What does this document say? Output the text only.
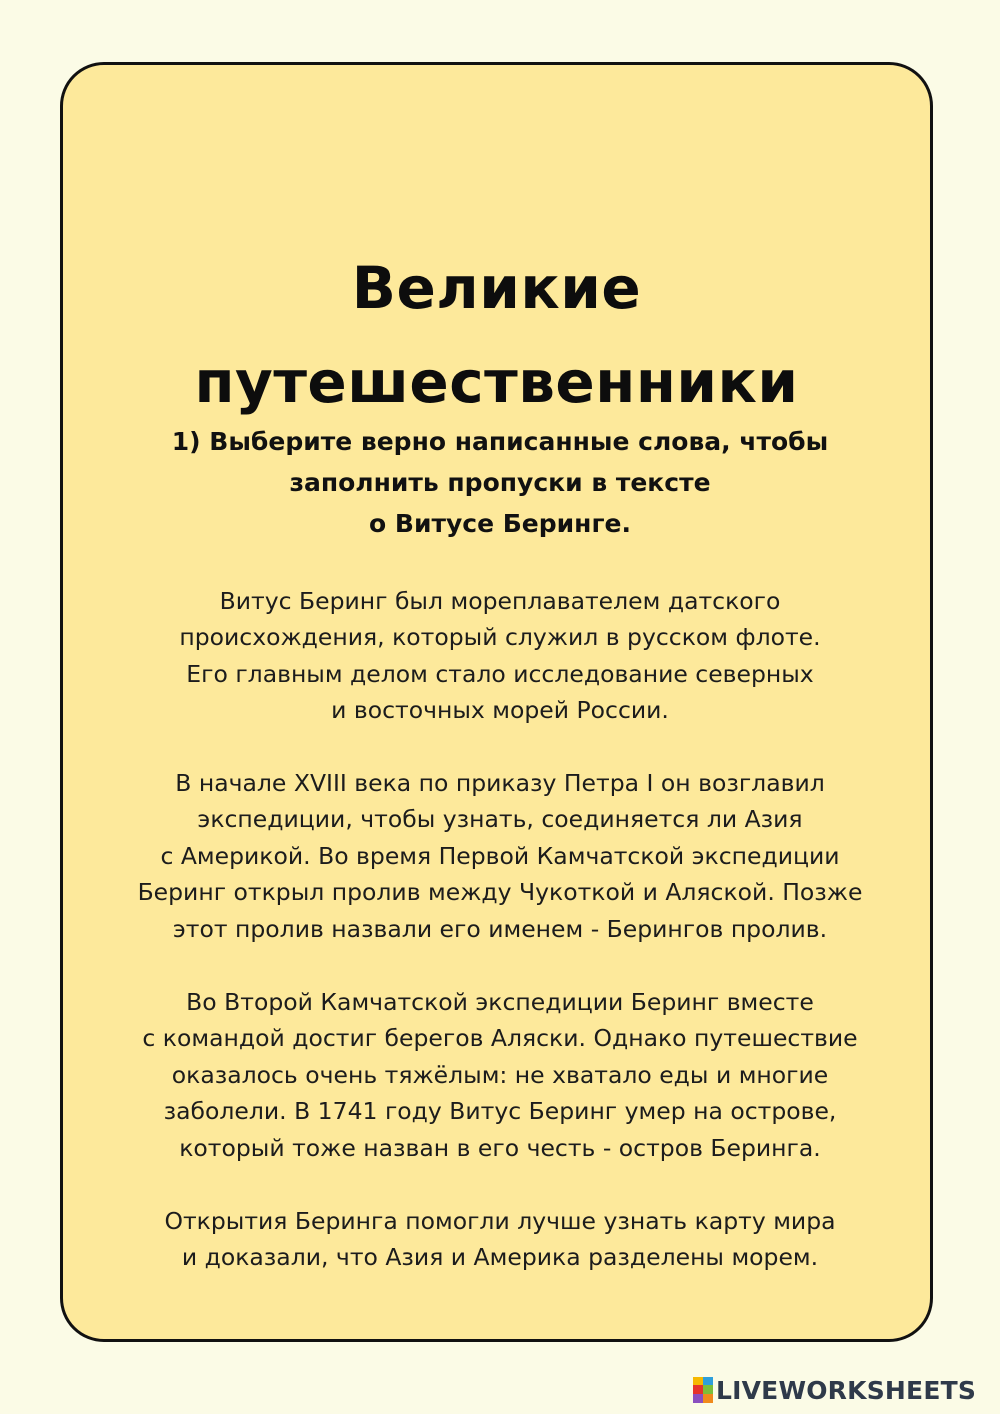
Великие
путешественники
1) Выберите верно написанные слова, чтобы
заполнить пропуски в тексте
о Витусе Беринге.
Витус Беринг был мореплавателем датского
происхождения, который служил в русском флоте.
Его главным делом стало исследование северных
и восточных морей России.
В начале XVIII века по приказу Петра I он возглавил
экспедиции, чтобы узнать, соединяется ли Азия
с Америкой. Во время Первой Камчатской экспедиции
Беринг открыл пролив между Чукоткой и Аляской. Позже
этот пролив назвали его именем - Берингов пролив.
Во Второй Камчатской экспедиции Беринг вместе
с командой достиг берегов Аляски. Однако путешествие
оказалось очень тяжёлым: не хватало еды и многие
заболели. В 1741 году Витус Беринг умер на острове,
который тоже назван в его честь - остров Беринга.
Открытия Беринга помогли лучше узнать карту мира
и доказали, что Азия и Америка разделены морем.
LIVEWORKSHEETS
